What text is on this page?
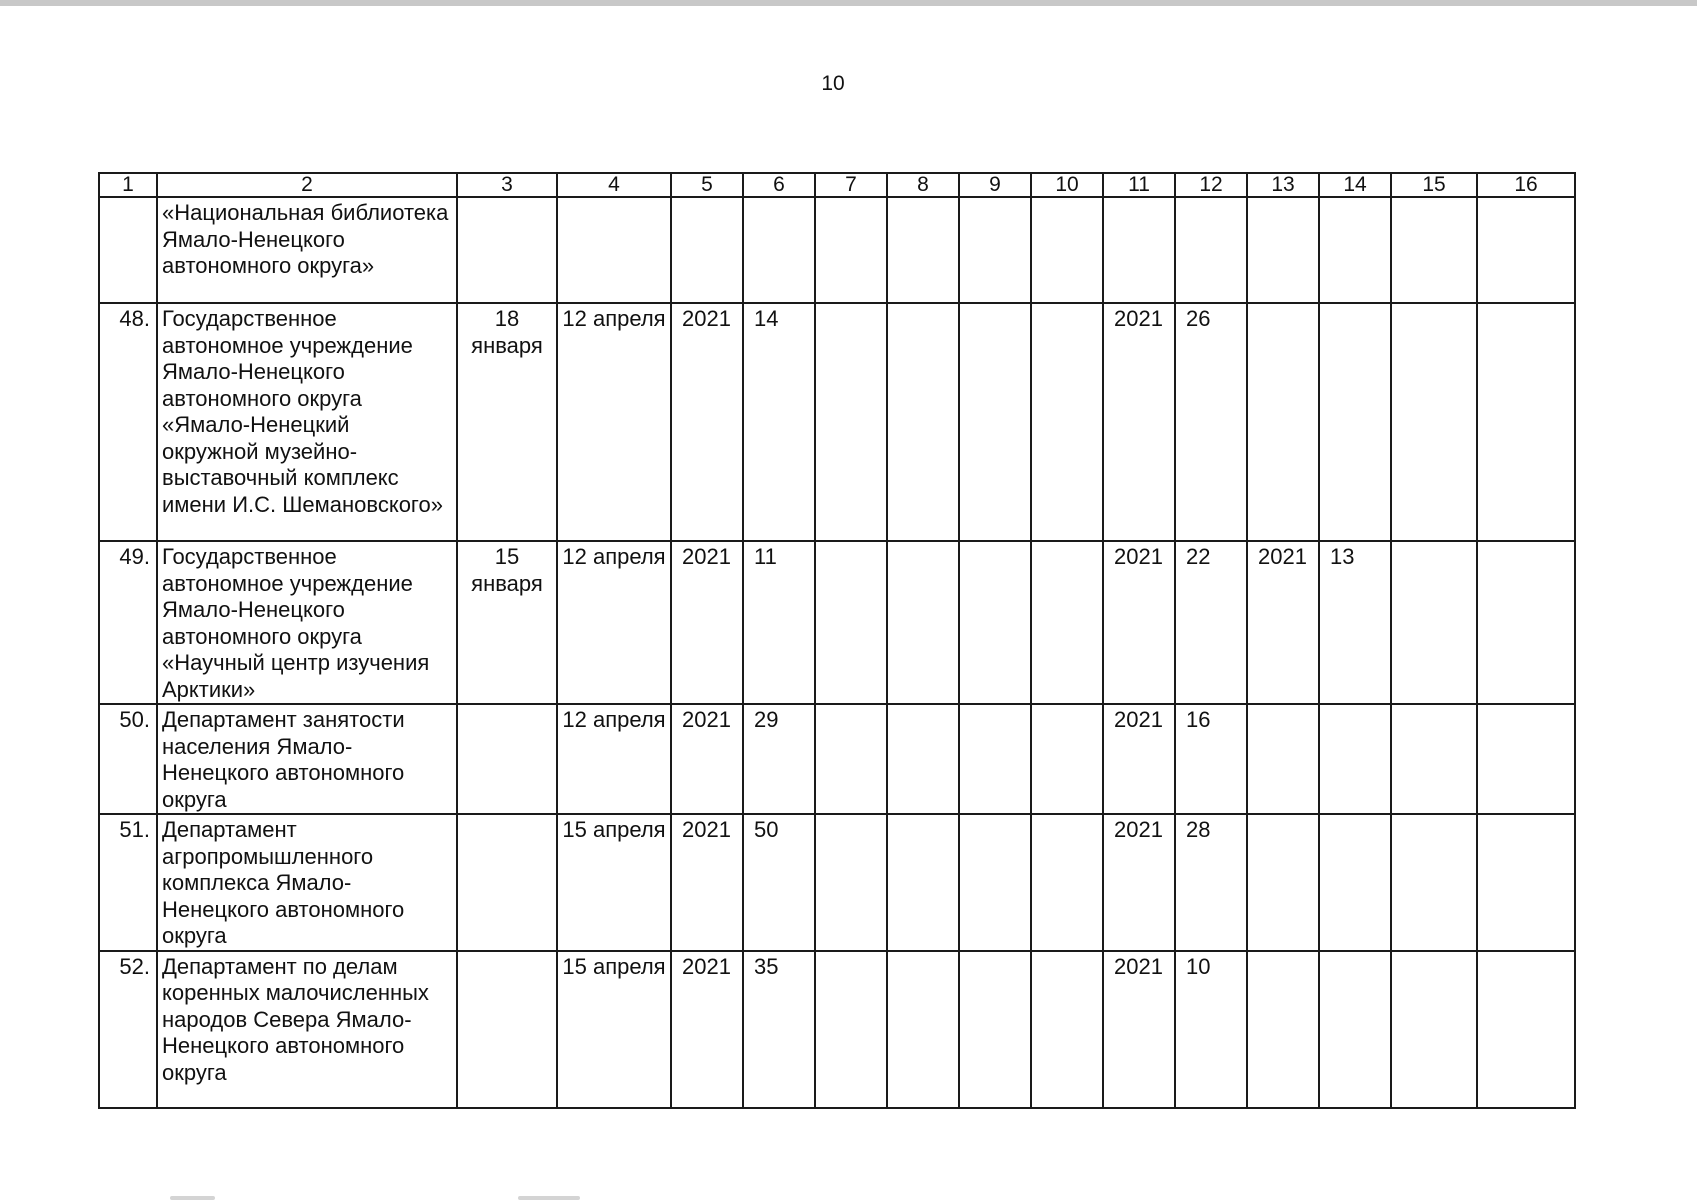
10
1	2	3	4	5	6	7	8	9	10	11	12	13	14	15	16
	«Национальная библиотека Ямало-Ненецкого автономного округа»														
48.	Государственное автономное учреждение Ямало-Ненецкого автономного округа «Ямало-Ненецкий окружной музейно-выставочный комплекс имени И.С. Шемановского»	18 января	12 апреля	2021	14					2021	26				
49.	Государственное автономное учреждение Ямало-Ненецкого автономного округа «Научный центр изучения Арктики»	15 января	12 апреля	2021	11					2021	22	2021	13		
50.	Департамент занятости населения Ямало-Ненецкого автономного округа		12 апреля	2021	29					2021	16				
51.	Департамент агропромышленного комплекса Ямало-Ненецкого автономного округа		15 апреля	2021	50					2021	28				
52.	Департамент по делам коренных малочисленных народов Севера Ямало-Ненецкого автономного округа		15 апреля	2021	35					2021	10				
